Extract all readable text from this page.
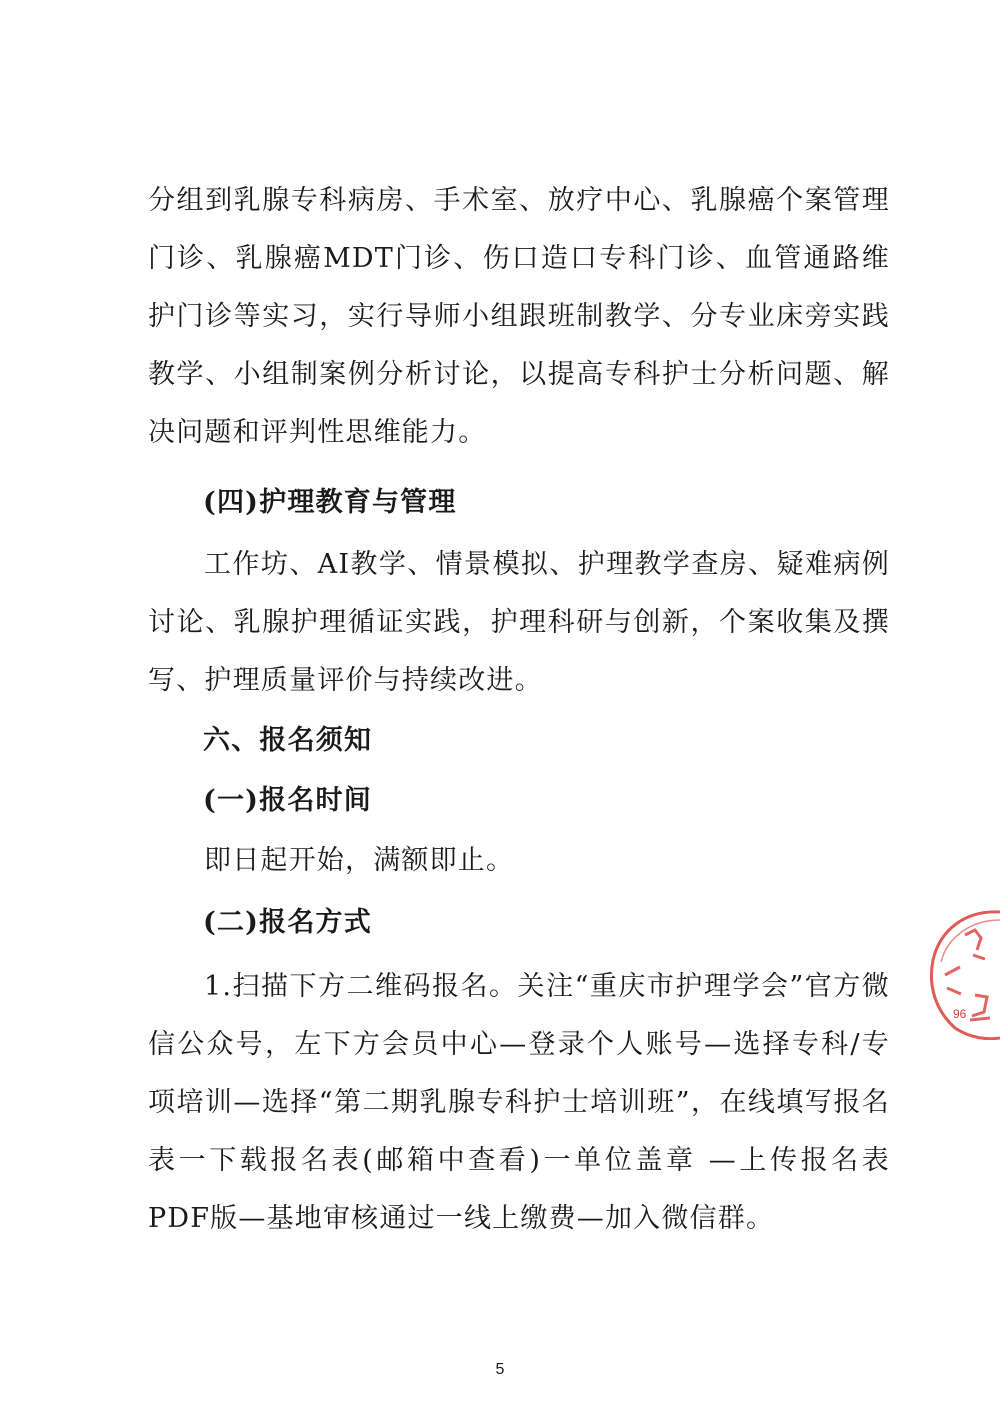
分组到乳腺专科病房、手术室、放疗中心、乳腺癌个案管理门诊、乳腺癌MDT门诊、伤口造口专科门诊、血管通路维护门诊等实习，实行导师小组跟班制教学、分专业床旁实践教学、小组制案例分析讨论，以提高专科护士分析问题、解决问题和评判性思维能力。

(四)护理教育与管理

工作坊、AI教学、情景模拟、护理教学查房、疑难病例讨论、乳腺护理循证实践，护理科研与创新，个案收集及撰写、护理质量评价与持续改进。

六、报名须知

(一)报名时间

即日起开始，满额即止。

(二)报名方式

1.扫描下方二维码报名。关注“重庆市护理学会”官方微信公众号，左下方会员中心—登录个人账号—选择专科/专项培训—选择“第二期乳腺专科护士培训班”，在线填写报名表一下载报名表(邮箱中查看)一单位盖章 —上传报名表PDF版—基地审核通过一线上缴费—加入微信群。

96
5
